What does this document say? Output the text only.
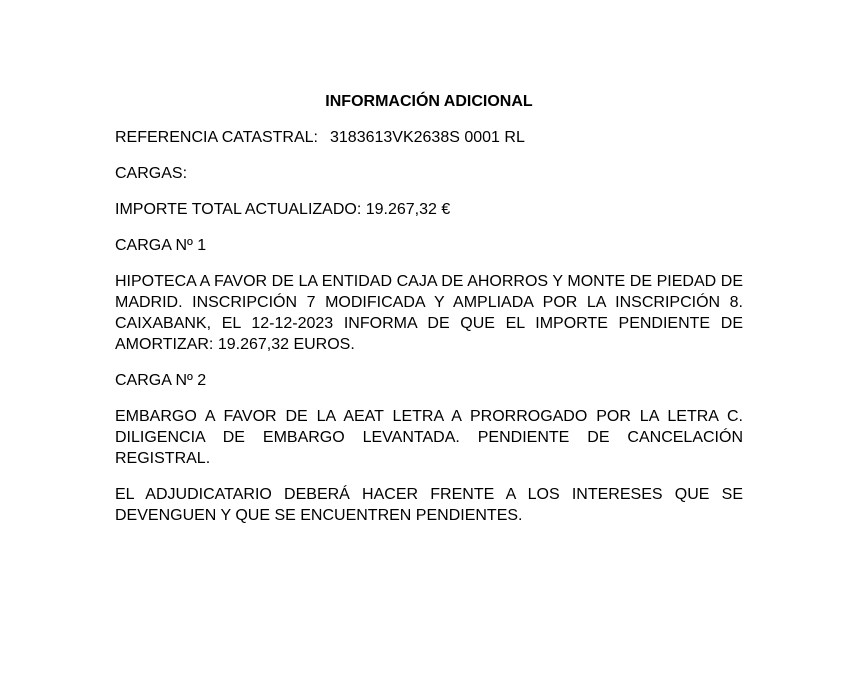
INFORMACIÓN ADICIONAL

REFERENCIA CATASTRAL: 3183613VK2638S 0001 RL

CARGAS:

IMPORTE TOTAL ACTUALIZADO: 19.267,32 €

CARGA Nº 1

HIPOTECA A FAVOR DE LA ENTIDAD CAJA DE AHORROS Y MONTE DE PIEDAD DE MADRID. INSCRIPCIÓN 7 MODIFICADA Y AMPLIADA POR LA INSCRIPCIÓN 8. CAIXABANK, EL 12-12-2023 INFORMA DE QUE EL IMPORTE PENDIENTE DE AMORTIZAR: 19.267,32 EUROS.

CARGA Nº 2

EMBARGO A FAVOR DE LA AEAT LETRA A PRORROGADO POR LA LETRA C. DILIGENCIA DE EMBARGO LEVANTADA. PENDIENTE DE CANCELACIÓN REGISTRAL.

EL ADJUDICATARIO DEBERÁ HACER FRENTE A LOS INTERESES QUE SE DEVENGUEN Y QUE SE ENCUENTREN PENDIENTES.
